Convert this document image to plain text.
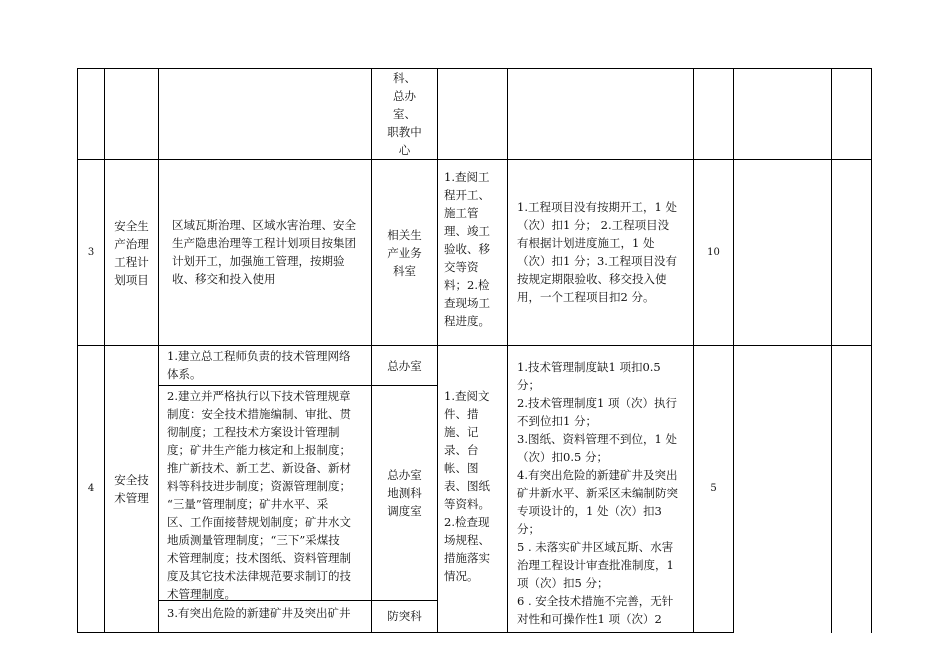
科、
总办
室、
职教中
心
3
安全生
产治理
工程计
划项目
区域瓦斯治理、区域水害治理、安全
生产隐患治理等工程计划项目按集团
计划开工，加强施工管理，按期验
收、移交和投入使用
相关生
产业务
科室
1.查阅工
程开工、
施工管
理、竣工
验收、移
交等资
料；2.检
查现场工
程进度。
1.工程项目没有按期开工，1 处
（次）扣1 分； 2.工程项目没
有根据计划进度施工，1 处
（次）扣1 分；3.工程项目没有
按规定期限验收、移交投入使
用，一个工程项目扣2 分。
10
4
安全技
术管理
1.建立总工程师负责的技术管理网络
体系。
总办室
2.建立并严格执行以下技术管理规章
制度：安全技术措施编制、审批、贯
彻制度；工程技术方案设计管理制
度；矿井生产能力核定和上报制度；
推广新技术、新工艺、新设备、新材
料等科技进步制度；资源管理制度；
“三量”管理制度；矿井水平、采
区、工作面接替规划制度；矿井水文
地质测量管理制度；“三下”采煤技
术管理制度；技术图纸、资料管理制
度及其它技术法律规范要求制订的技
术管理制度。
总办室
地测科
调度室
3.有突出危险的新建矿井及突出矿井	防突科
1.查阅文
件、措
施、记
录、台
帐、图
表、图纸
等资料。
2.检查现
场规程、
措施落实
情况。
1.技术管理制度缺1 项扣0.5
分；
2.技术管理制度1 项（次）执行
不到位扣1 分；
3.图纸、资料管理不到位，1 处
（次）扣0.5 分；
4.有突出危险的新建矿井及突出
矿井新水平、新采区未编制防突
专项设计的，1 处（次）扣3
分；
5 . 未落实矿井区域瓦斯、水害
治理工程设计审查批准制度，1
项（次）扣5 分；
6 . 安全技术措施不完善，无针
对性和可操作性1 项（次）2
5
